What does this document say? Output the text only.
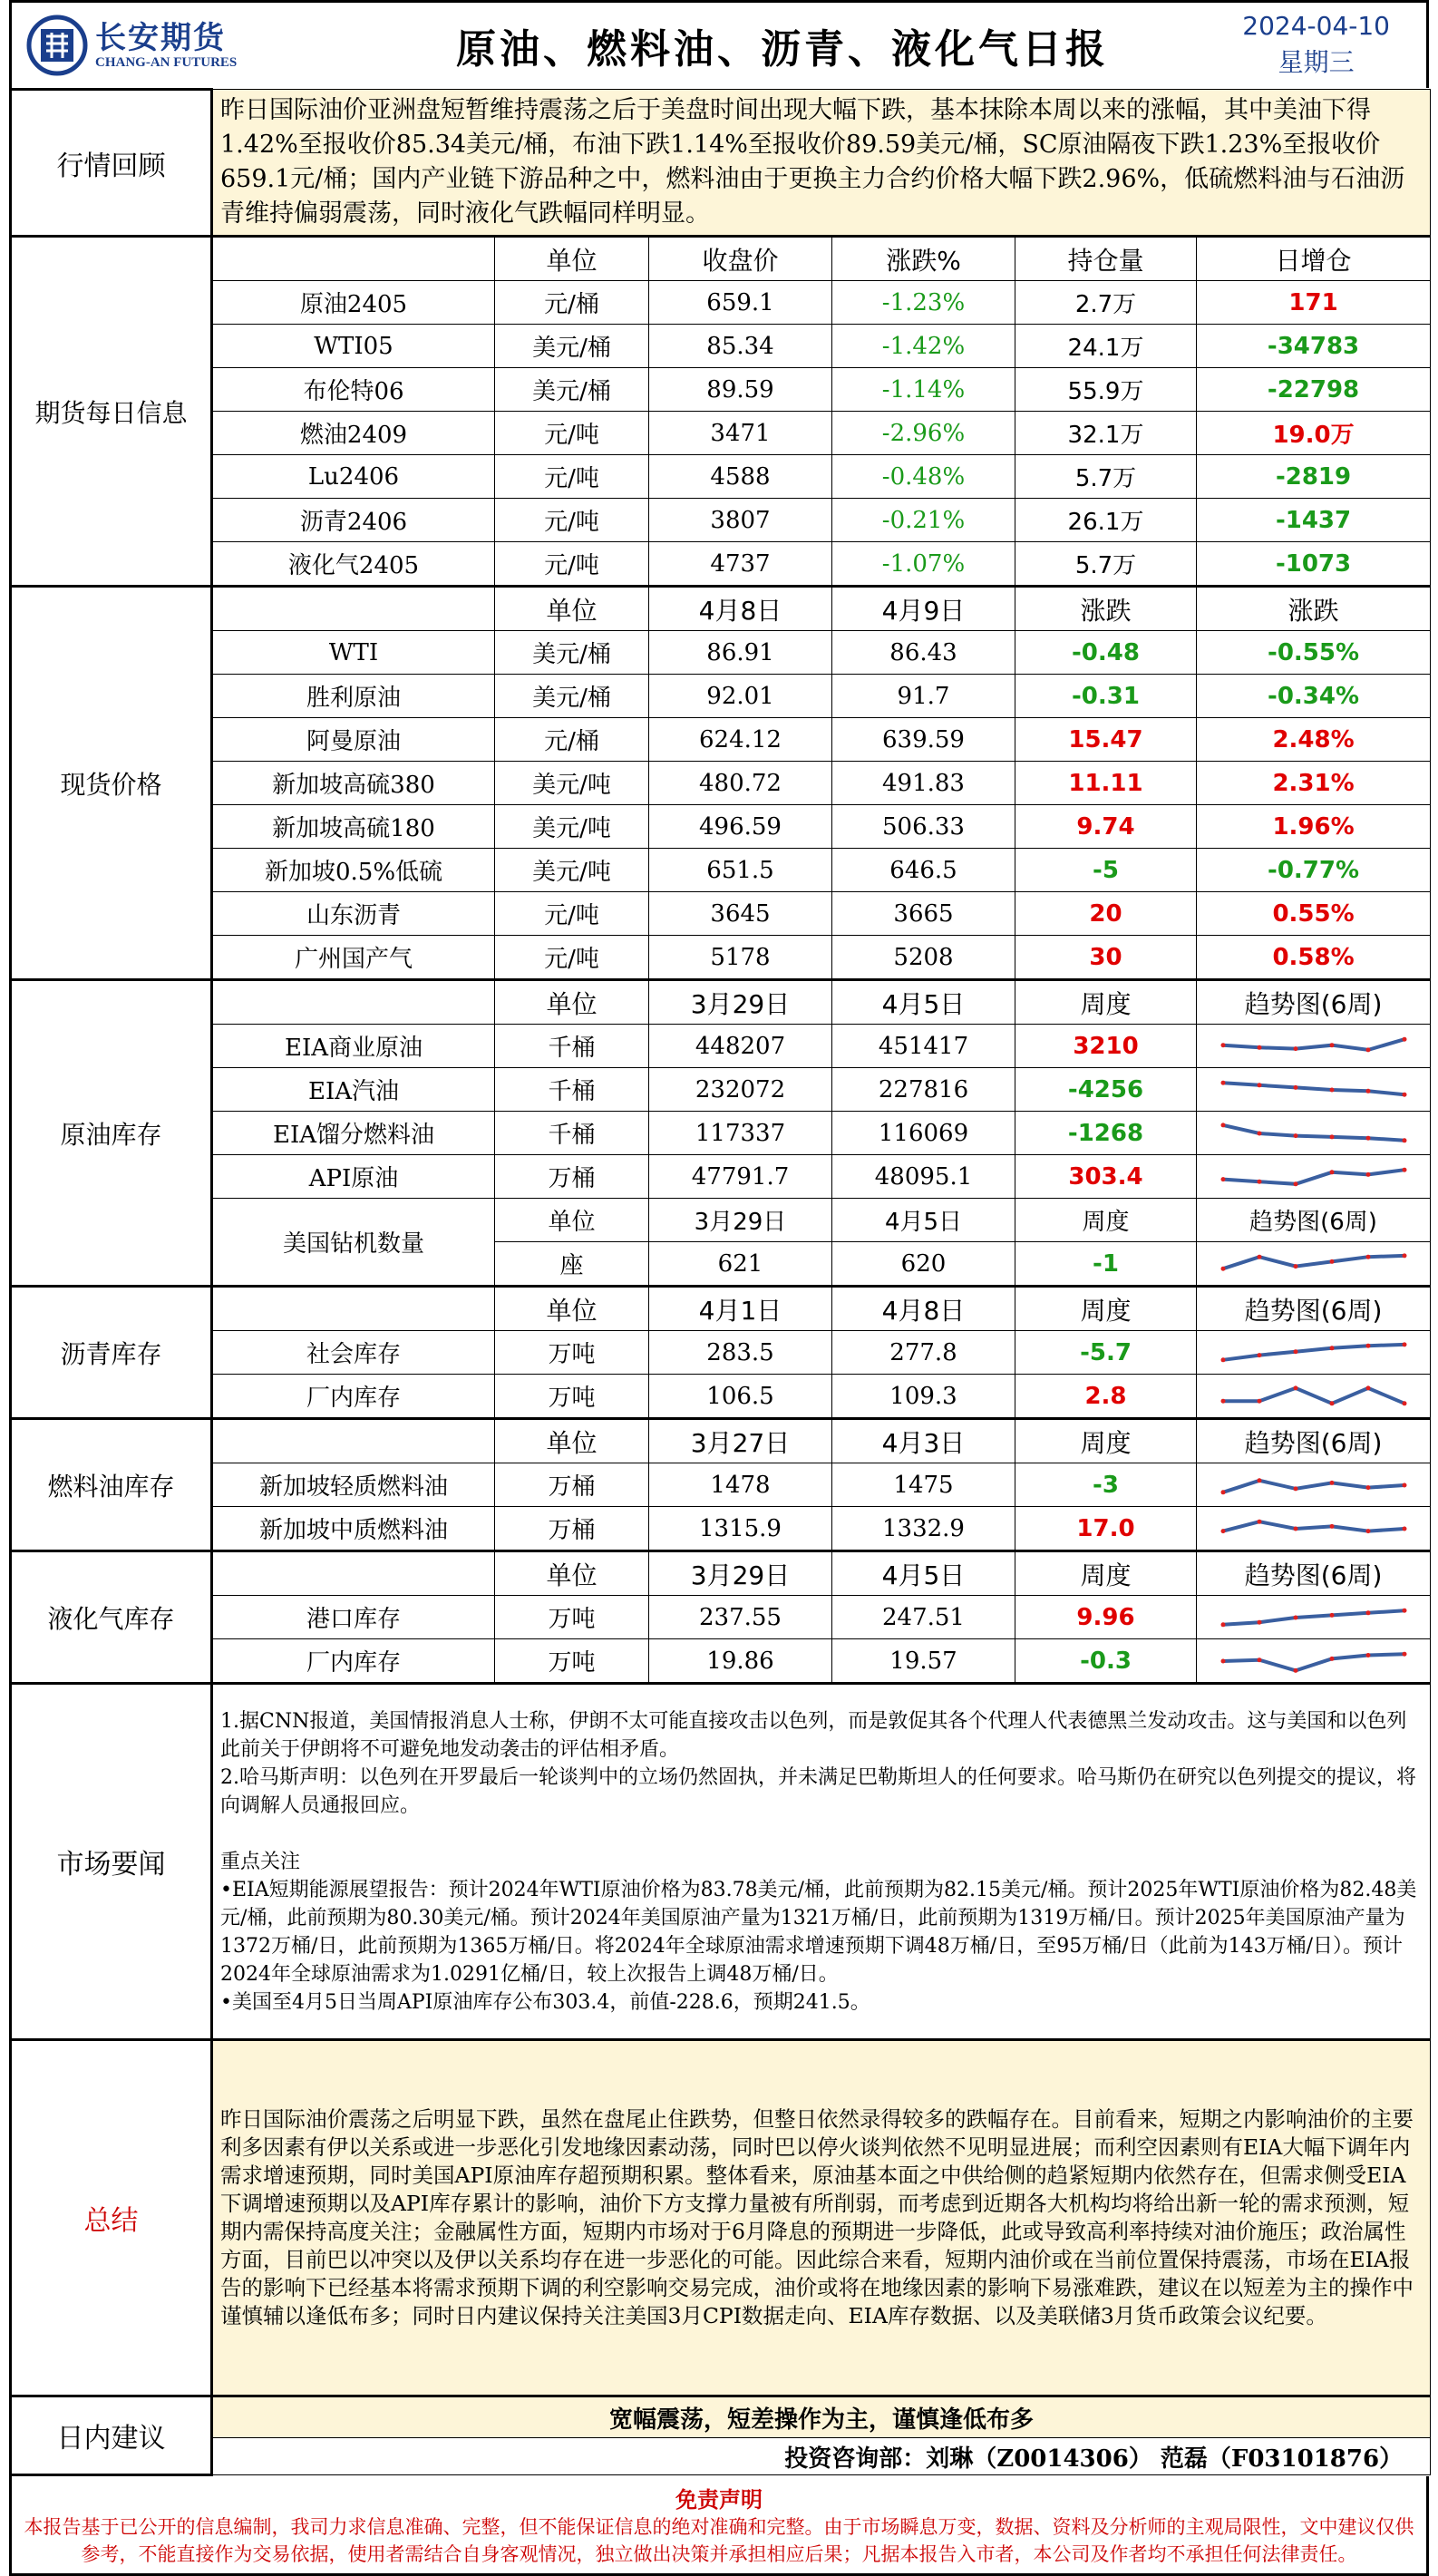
长安期货
CHANG-AN FUTURES	原油、燃料油、沥青、液化气日报
2024-04-10
星期三
行情回顾	昨日国际油价亚洲盘短暂维持震荡之后于美盘时间出现大幅下跌，基本抹除本周以来的涨幅，其中美油下得1.42%至报收价85.34美元/桶，布油下跌1.14%至报收价89.59美元/桶，SC原油隔夜下跌1.23%至报收价659.1元/桶；国内产业链下游品种之中，燃料油由于更换主力合约价格大幅下跌2.96%，低硫燃料油与石油沥青维持偏弱震荡，同时液化气跌幅同样明显。					
期货每日信息		单位	收盘价	涨跌%	持仓量	日增仓
	原油2405	元/桶	659.1	-1.23%	2.7万	171
	WTI05	美元/桶	85.34	-1.42%	24.1万	-34783
	布伦特06	美元/桶	89.59	-1.14%	55.9万	-22798
	燃油2409	元/吨	3471	-2.96%	32.1万	19.0万
	Lu2406	元/吨	4588	-0.48%	5.7万	-2819
	沥青2406	元/吨	3807	-0.21%	26.1万	-1437
	液化气2405	元/吨	4737	-1.07%	5.7万	-1073
现货价格		单位	4月8日	4月9日	涨跌	涨跌
	WTI	美元/桶	86.91	86.43	-0.48	-0.55%
	胜利原油	美元/桶	92.01	91.7	-0.31	-0.34%
	阿曼原油	元/桶	624.12	639.59	15.47	2.48%
	新加坡高硫380	美元/吨	480.72	491.83	11.11	2.31%
	新加坡高硫180	美元/吨	496.59	506.33	9.74	1.96%
	新加坡0.5%低硫	美元/吨	651.5	646.5	-5	-0.77%
	山东沥青	元/吨	3645	3665	20	0.55%
	广州国产气	元/吨	5178	5208	30	0.58%
原油库存		单位	3月29日	4月5日	周度	趋势图(6周)
	EIA商业原油	千桶	448207	451417	3210	

	EIA汽油	千桶	232072	227816	-4256	

	EIA馏分燃料油	千桶	117337	116069	-1268	

	API原油	万桶	47791.7	48095.1	303.4	

	美国钻机数量	单位	3月29日	4月5日	周度	趋势图(6周)
		座	621	620	-1	

沥青库存		单位	4月1日	4月8日	周度	趋势图(6周)
	社会库存	万吨	283.5	277.8	-5.7	

	厂内库存	万吨	106.5	109.3	2.8	

燃料油库存		单位	3月27日	4月3日	周度	趋势图(6周)
	新加坡轻质燃料油	万桶	1478	1475	-3	

	新加坡中质燃料油	万桶	1315.9	1332.9	17.0	

液化气库存		单位	3月29日	4月5日	周度	趋势图(6周)
	港口库存	万吨	237.55	247.51	9.96	

	厂内库存	万吨	19.86	19.57	-0.3	

市场要闻	1.据CNN报道，美国情报消息人士称，伊朗不太可能直接攻击以色列，而是敦促其各个代理人代表德黑兰发动攻击。这与美国和以色列此前关于伊朗将不可避免地发动袭击的评估相矛盾。
2.哈马斯声明：以色列在开罗最后一轮谈判中的立场仍然固执，并未满足巴勒斯坦人的任何要求。哈马斯仍在研究以色列提交的提议，将向调解人员通报回应。
重点关注
•EIA短期能源展望报告：预计2024年WTI原油价格为83.78美元/桶，此前预期为82.15美元/桶。预计2025年WTI原油价格为82.48美元/桶，此前预期为80.30美元/桶。预计2024年美国原油产量为1321万桶/日，此前预期为1319万桶/日。预计2025年美国原油产量为1372万桶/日，此前预期为1365万桶/日。将2024年全球原油需求增速预期下调48万桶/日，至95万桶/日（此前为143万桶/日）。预计2024年全球原油需求为1.0291亿桶/日，较上次报告上调48万桶/日。
•美国至4月5日当周API原油库存公布303.4，前值-228.6，预期241.5。					

总结	昨日国际油价震荡之后明显下跌，虽然在盘尾止住跌势，但整日依然录得较多的跌幅存在。目前看来，短期之内影响油价的主要利多因素有伊以关系或进一步恶化引发地缘因素动荡，同时巴以停火谈判依然不见明显进展；而利空因素则有EIA大幅下调年内需求增速预期，同时美国API原油库存超预期积累。整体看来，原油基本面之中供给侧的趋紧短期内依然存在，但需求侧受EIA下调增速预期以及API库存累计的影响，油价下方支撑力量被有所削弱，而考虑到近期各大机构均将给出新一轮的需求预测，短期内需保持高度关注；金融属性方面，短期内市场对于6月降息的预期进一步降低，此或导致高利率持续对油价施压；政治属性方面，目前巴以冲突以及伊以关系均存在进一步恶化的可能。因此综合来看，短期内油价或在当前位置保持震荡，市场在EIA报告的影响下已经基本将需求预期下调的利空影响交易完成，油价或将在地缘因素的影响下易涨难跌，建议在以短差为主的操作中谨慎辅以逢低布多；同时日内建议保持关注美国3月CPI数据走向、EIA库存数据、以及美联储3月货币政策会议纪要。					
日内建议	宽幅震荡，短差操作为主，谨慎逢低布多					
	投资咨询部：刘琳（Z0014306） 范磊（F03101876）					
免责声明
本报告基于已公开的信息编制，我司力求信息准确、完整，但不能保证信息的绝对准确和完整。由于市场瞬息万变，数据、资料及分析师的主观局限性，文中建议仅供参考，不能直接作为交易依据，使用者需结合自身客观情况，独立做出决策并承担相应后果；凡据本报告入市者，本公司及作者均不承担任何法律责任。
